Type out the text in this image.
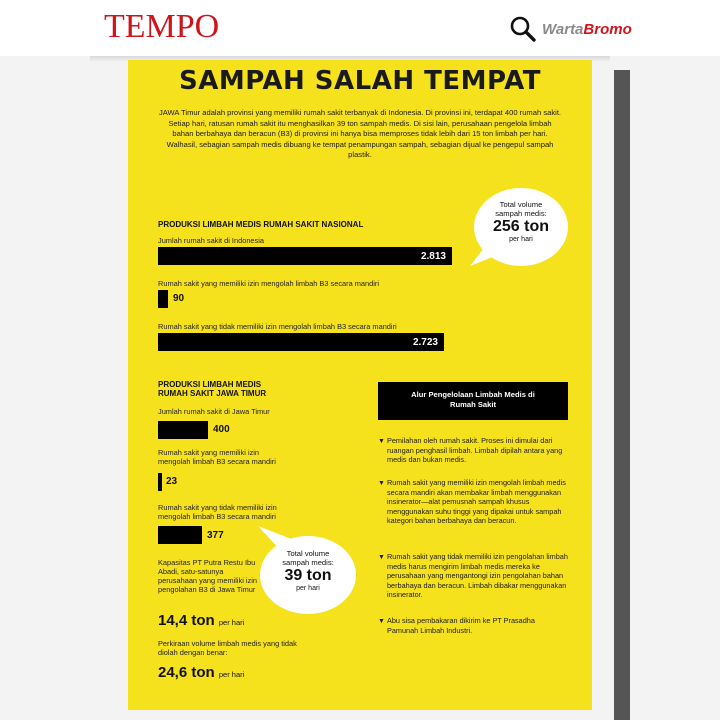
TEMPO	WartaBromo
SAMPAH SALAH TEMPAT
JAWA Timur adalah provinsi yang memiliki rumah sakit terbanyak di Indonesia. Di provinsi ini, terdapat 400 rumah sakit. Setiap hari, ratusan rumah sakit itu menghasilkan 39 ton sampah medis. Di sisi lain, perusahaan pengelola limbah bahan berbahaya dan beracun (B3) di provinsi ini hanya bisa memproses tidak lebih dari 15 ton limbah per hari. Walhasil, sebagian sampah medis dibuang ke tempat penampungan sampah, sebagian dijual ke pengepul sampah plastik.
PRODUKSI LIMBAH MEDIS RUMAH SAKIT NASIONAL
Jumlah rumah sakit di Indonesia
2.813
Rumah sakit yang memiliki izin mengolah limbah B3 secara mandiri
90
Rumah sakit yang tidak memiliki izin mengolah limbah B3 secara mandiri
2.723
Total volume
sampah medis:
256 ton
per hari
PRODUKSI LIMBAH MEDIS
RUMAH SAKIT JAWA TIMUR
Jumlah rumah sakit di Jawa Timur
400
Rumah sakit yang memiliki izin
mengolah limbah B3 secara mandiri
23
Rumah sakit yang tidak memiliki izin
mengolah limbah B3 secara mandiri
377
Total volume
sampah medis:
39 ton
per hari
Kapasitas PT Putra Restu Ibu Abadi, satu-satunya perusahaan yang memiliki izin pengolahan B3 di Jawa Timur
14,4 ton per hari
Perkiraan volume limbah medis yang tidak diolah dengan benar:
24,6 ton per hari
Alur Pengelolaan Limbah Medis di
Rumah Sakit
▼ Pemilahan oleh rumah sakit. Proses ini dimulai dari ruangan penghasil limbah. Limbah dipilah antara yang medis dan bukan medis.
▼ Rumah sakit yang memiliki izin mengolah limbah medis secara mandiri akan membakar limbah menggunakan insinerator—alat pemusnah sampah khusus menggunakan suhu tinggi yang dipakai untuk sampah kategori bahan berbahaya dan beracun.
▼ Rumah sakit yang tidak memiliki izin pengolahan limbah medis harus mengirim limbah medis mereka ke perusahaan yang mengantongi izin pengolahan bahan berbahaya dan beracun. Limbah dibakar menggunakan insinerator.
▼ Abu sisa pembakaran dikirim ke PT Prasadha Pamunah Limbah Industri.
